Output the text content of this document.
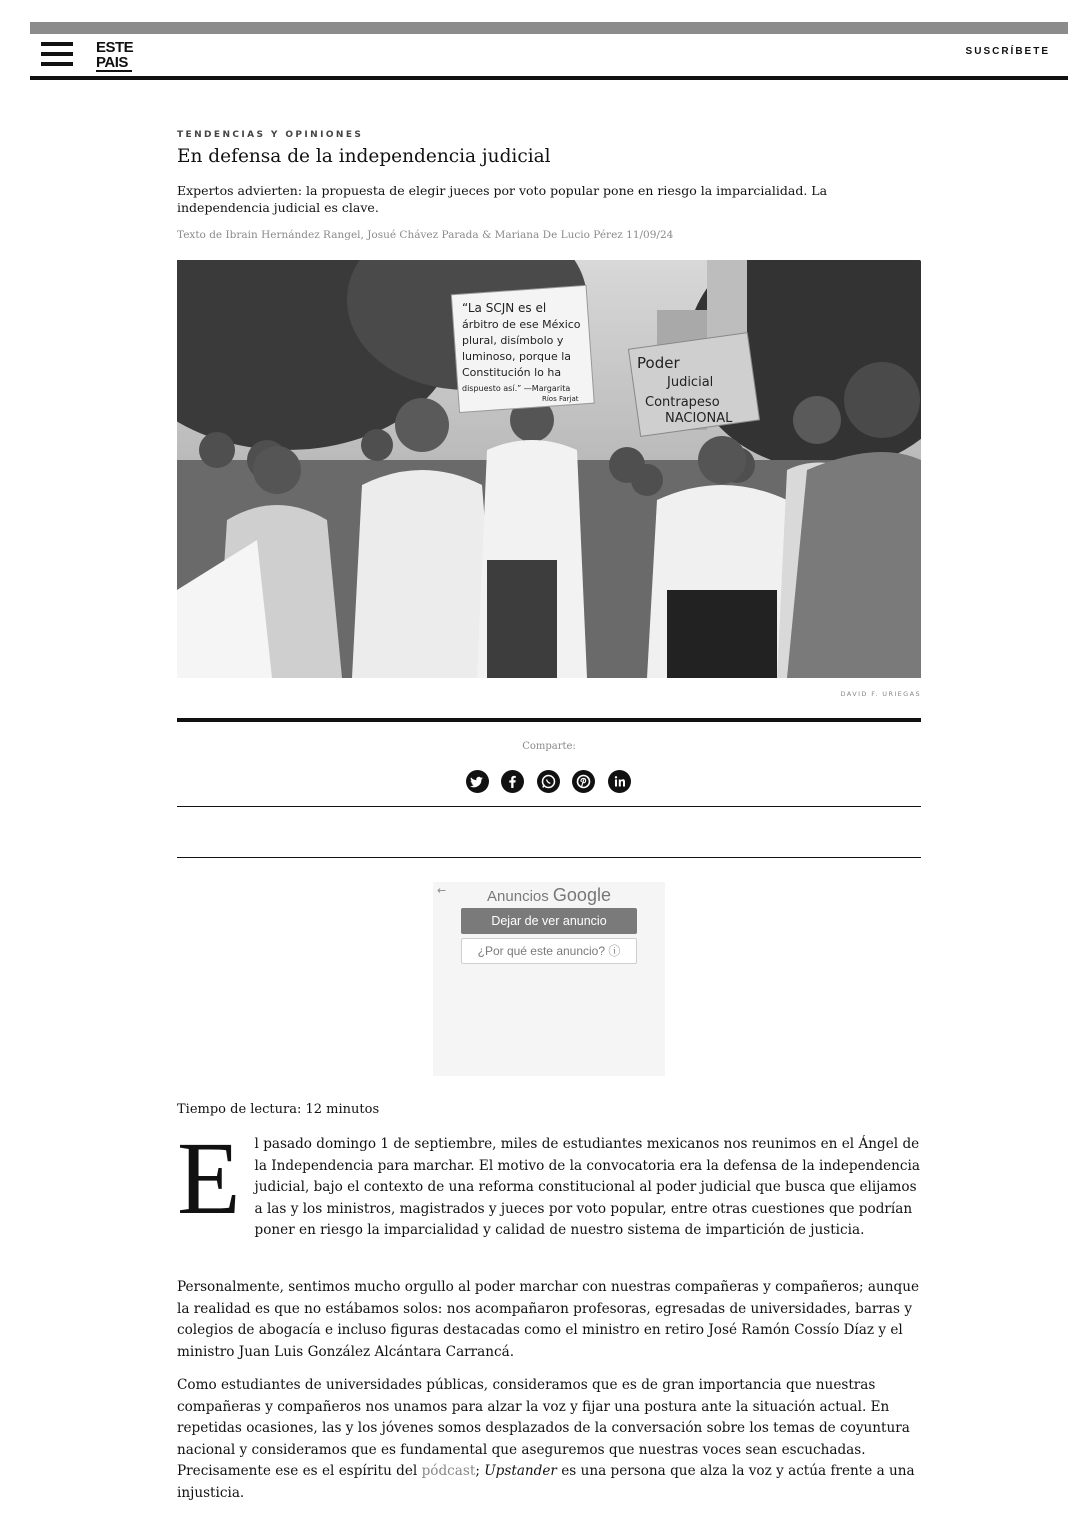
ESTE
PAIS
SUSCRÍBETE
TENDENCIAS Y OPINIONES
En defensa de la independencia judicial
Expertos advierten: la propuesta de elegir jueces por voto popular pone en riesgo la imparcialidad. La independencia judicial es clave.
Texto de Ibrain Hernández Rangel, Josué Chávez Parada & Mariana De Lucio Pérez 11/09/24
“La SCJN es el
árbitro de ese México
plural, disímbolo y
luminoso, porque la
Constitución lo ha
dispuesto así.” —Margarita
Ríos Farjat
Poder
Judicial
Contrapeso
NACIONAL
DAVID F. URIEGAS
Comparte:
←	Anuncios Google
Dejar de ver anuncio
¿Por qué este anuncio? ⓘ
Tiempo de lectura: 12 minutos

E l pasado domingo 1 de septiembre, miles de estudiantes mexicanos nos reunimos en el Ángel de la Independencia para marchar. El motivo de la convocatoria era la defensa de la independencia judicial, bajo el contexto de una reforma constitucional al poder judicial que busca que elijamos a las y los ministros, magistrados y jueces por voto popular, entre otras cuestiones que podrían poner en riesgo la imparcialidad y calidad de nuestro sistema de impartición de justicia.

Personalmente, sentimos mucho orgullo al poder marchar con nuestras compañeras y compañeros; aunque la realidad es que no estábamos solos: nos acompañaron profesoras, egresadas de universidades, barras y colegios de abogacía e incluso figuras destacadas como el ministro en retiro José Ramón Cossío Díaz y el ministro Juan Luis González Alcántara Carrancá.

Como estudiantes de universidades públicas, consideramos que es de gran importancia que nuestras compañeras y compañeros nos unamos para alzar la voz y fijar una postura ante la situación actual. En repetidas ocasiones, las y los jóvenes somos desplazados de la conversación sobre los temas de coyuntura nacional y consideramos que es fundamental que aseguremos que nuestras voces sean escuchadas. Precisamente ese es el espíritu del pódcast; Upstander es una persona que alza la voz y actúa frente a una injusticia.
